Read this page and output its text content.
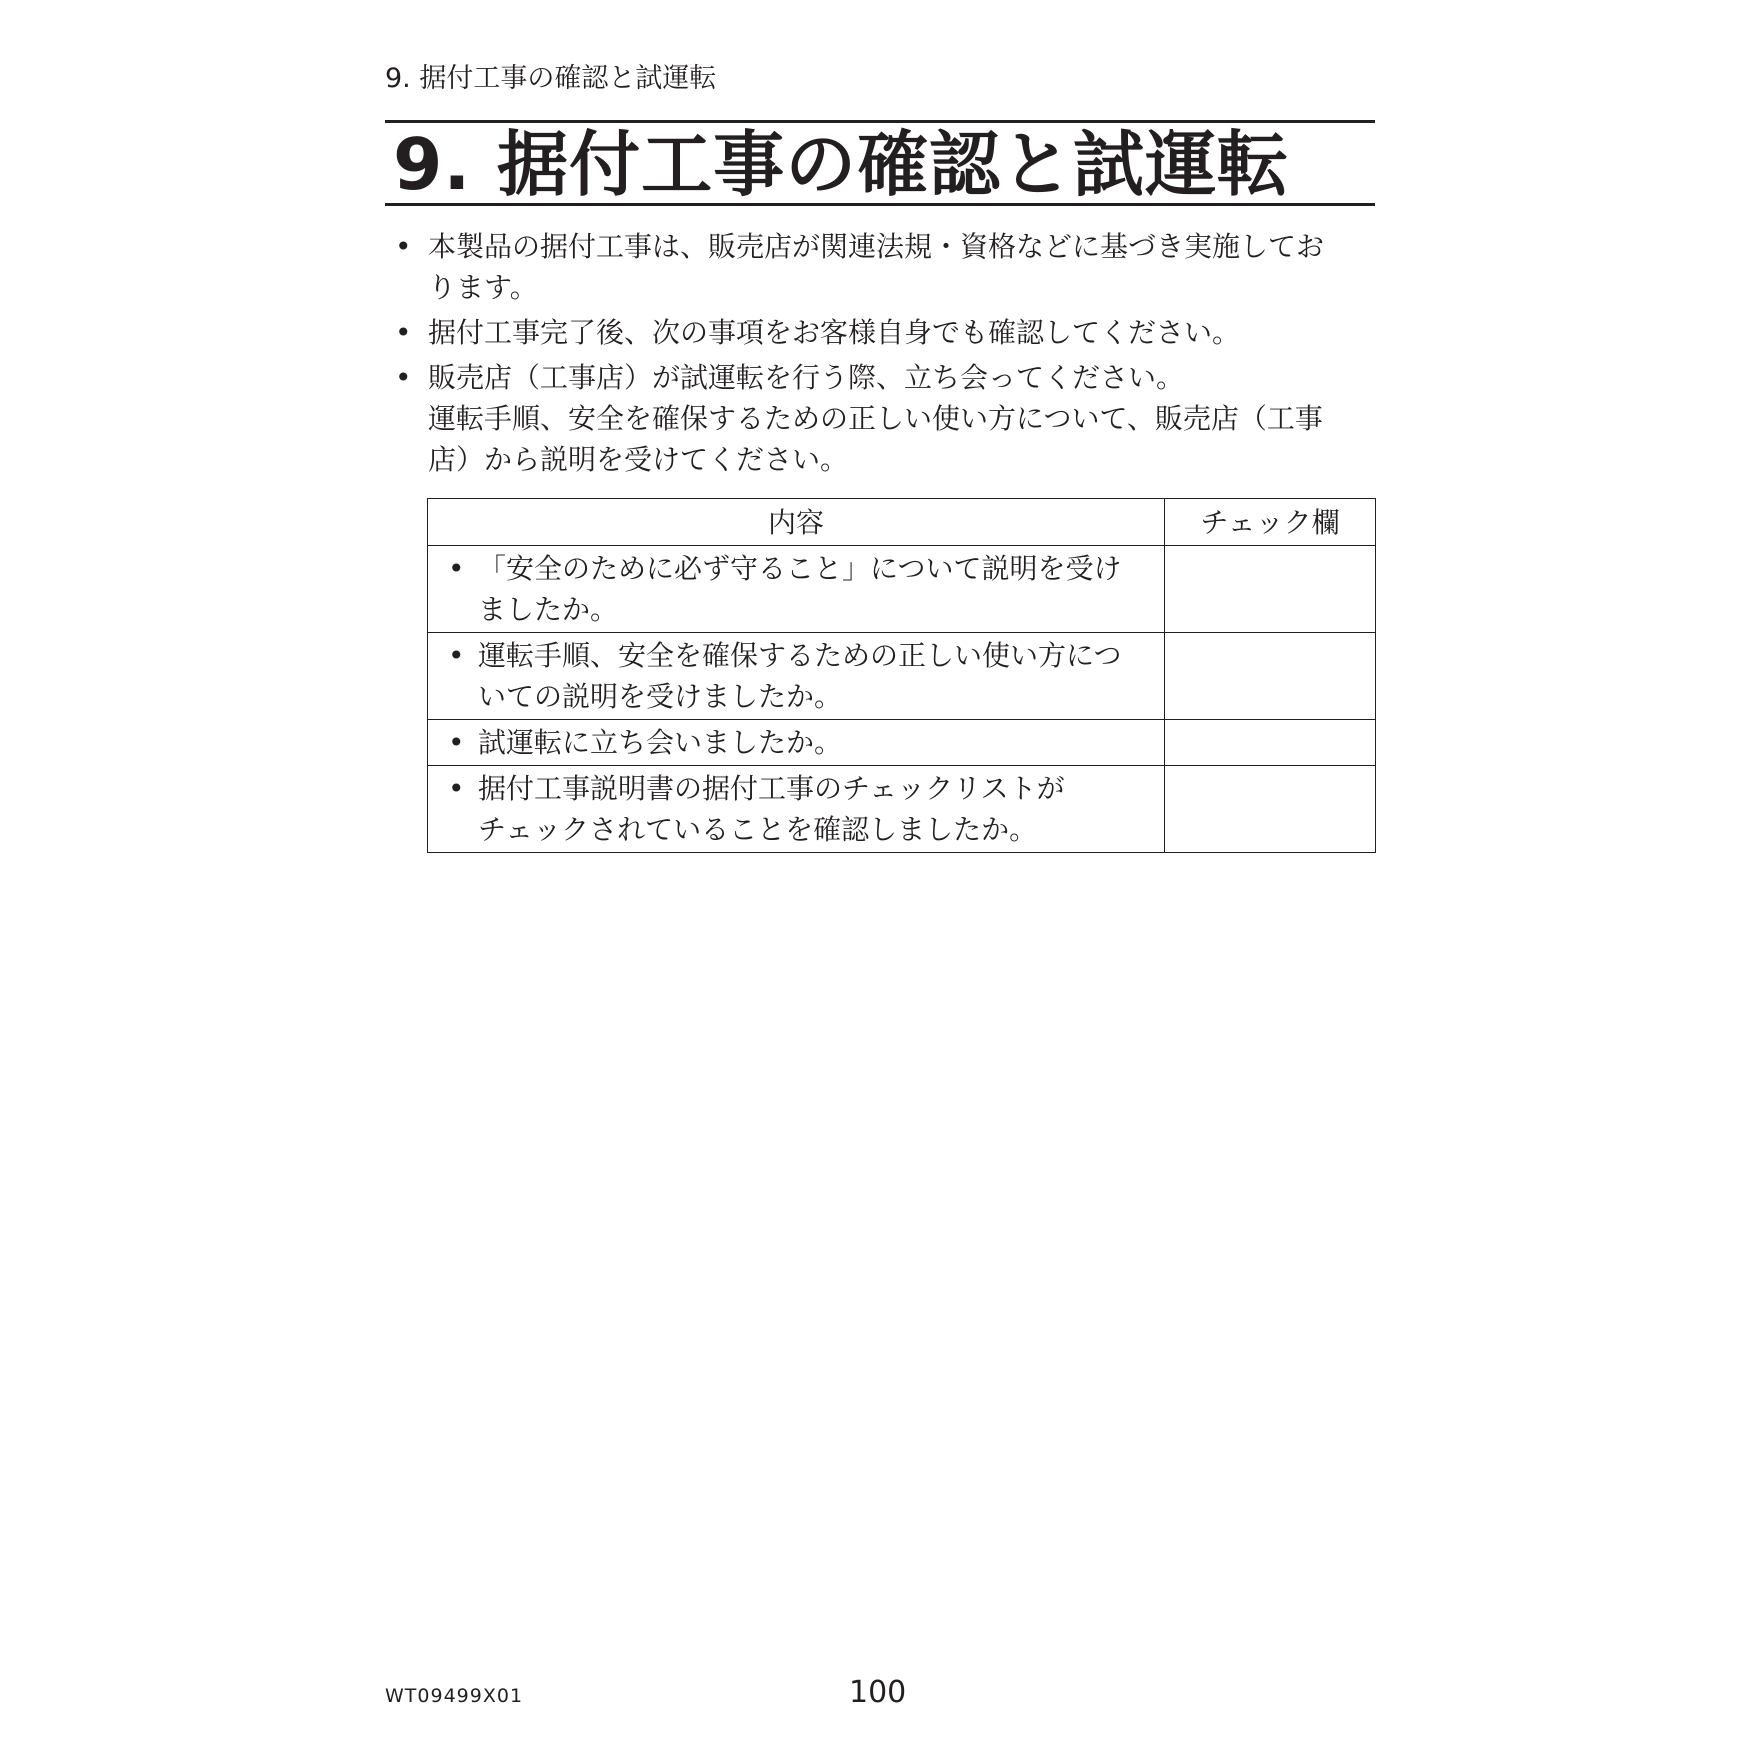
9. 据付工事の確認と試運転
9. 据付工事の確認と試運転
• 本製品の据付工事は、販売店が関連法規・資格などに基づき実施してお
ります。
• 据付工事完了後、次の事項をお客様自身でも確認してください。
• 販売店（工事店）が試運転を行う際、立ち会ってください。
運転手順、安全を確保するための正しい使い方について、販売店（工事
店）から説明を受けてください。
内容	チェック欄

• 「安全のために必ず守ること」について説明を受け
ましたか。	

• 運転手順、安全を確保するための正しい使い方につ
いての説明を受けましたか。	

• 試運転に立ち会いましたか。	

• 据付工事説明書の据付工事のチェックリストが
チェックされていることを確認しましたか。	

WT09499X01	100
